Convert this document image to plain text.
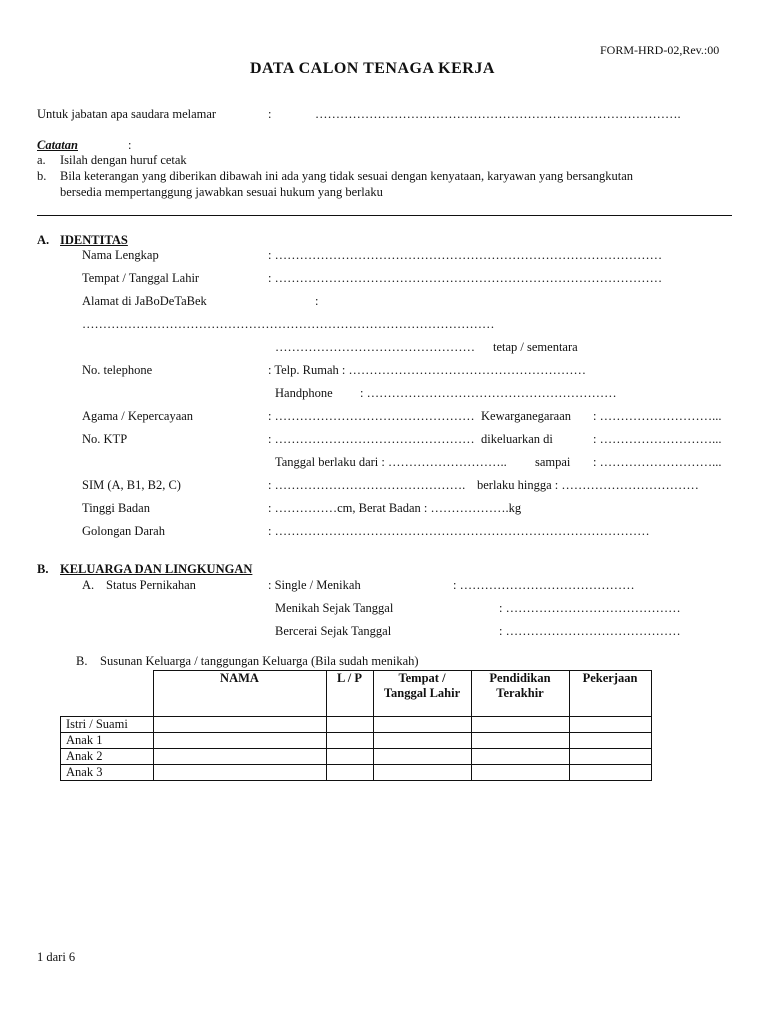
FORM-HRD-02,Rev.:00
DATA CALON TENAGA KERJA
Untuk jabatan apa saudara melamar	:	…………………………………………………………………………….
Catatan	:
a. Isilah dengan huruf cetak
b. Bila keterangan yang diberikan dibawah ini ada yang tidak sesuai dengan kenyataan, karyawan yang bersangkutan
bersedia mempertanggung jawabkan sesuai hukum yang berlaku
A. IDENTITAS
Nama Lengkap	: …………………………………………………………………………………
Tempat / Tanggal Lahir	: …………………………………………………………………………………
Alamat di JaBoDeTaBek	:
………………………………………………………………………………………
………………………………………… tetap / sementara
No. telephone	: Telp. Rumah : …………………………………………………
Handphone : ……………………………………………………
Agama / Kepercayaan	: ………………………………………… Kewarganegaraan : ………………………...
No. KTP	: ………………………………………… dikeluarkan di	: ………………………...
Tanggal berlaku dari : ……………………….. sampai : ………………………...
SIM (A, B1, B2, C)	: ………………………………………. berlaku hingga : ……………………………
Tinggi Badan	: ……………cm, Berat Badan : ……………….kg
Golongan Darah	: ………………………………………………………………………………
B. KELUARGA DAN LINGKUNGAN
A. Status Pernikahan	: Single / Menikah	: ……………………………………
Menikah Sejak Tanggal	: ……………………………………
Bercerai Sejak Tanggal	: ……………………………………
B. Susunan Keluarga / tanggungan Keluarga (Bila sudah menikah)
	NAMA	L / P	Tempat / Tanggal Lahir	Pendidikan Terakhir	Pekerjaan
Istri / Suami					
Anak 1					
Anak 2					
Anak 3					
1 dari 6
